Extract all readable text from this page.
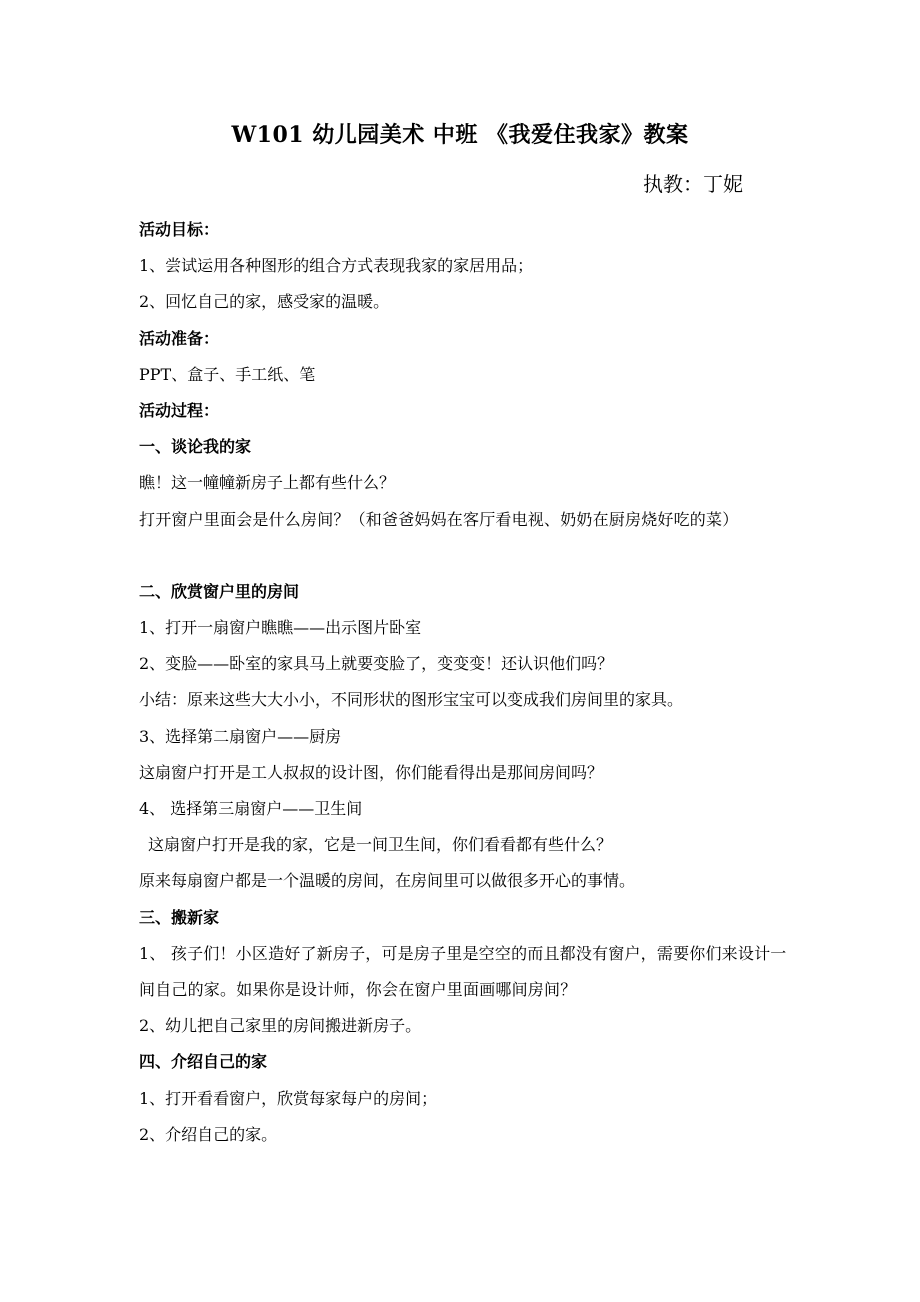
W101 幼儿园美术 中班 《我爱住我家》教案
执教：丁妮
活动目标：
1、尝试运用各种图形的组合方式表现我家的家居用品；
2、回忆自己的家，感受家的温暖。
活动准备：
PPT、盒子、手工纸、笔
活动过程：
一、谈论我的家
瞧！这一幢幢新房子上都有些什么？
打开窗户里面会是什么房间？（和爸爸妈妈在客厅看电视、奶奶在厨房烧好吃的菜）
二、欣赏窗户里的房间
1、打开一扇窗户瞧瞧——出示图片卧室
2、变脸——卧室的家具马上就要变脸了，变变变！还认识他们吗？
小结：原来这些大大小小，不同形状的图形宝宝可以变成我们房间里的家具。
3、选择第二扇窗户——厨房
这扇窗户打开是工人叔叔的设计图，你们能看得出是那间房间吗？
4、 选择第三扇窗户——卫生间
这扇窗户打开是我的家，它是一间卫生间，你们看看都有些什么？
原来每扇窗户都是一个温暖的房间，在房间里可以做很多开心的事情。
三、搬新家
1、 孩子们！小区造好了新房子，可是房子里是空空的而且都没有窗户，需要你们来设计一间自己的家。如果你是设计师，你会在窗户里面画哪间房间？
2、幼儿把自己家里的房间搬进新房子。
四、介绍自己的家
1、打开看看窗户，欣赏每家每户的房间；
2、介绍自己的家。
